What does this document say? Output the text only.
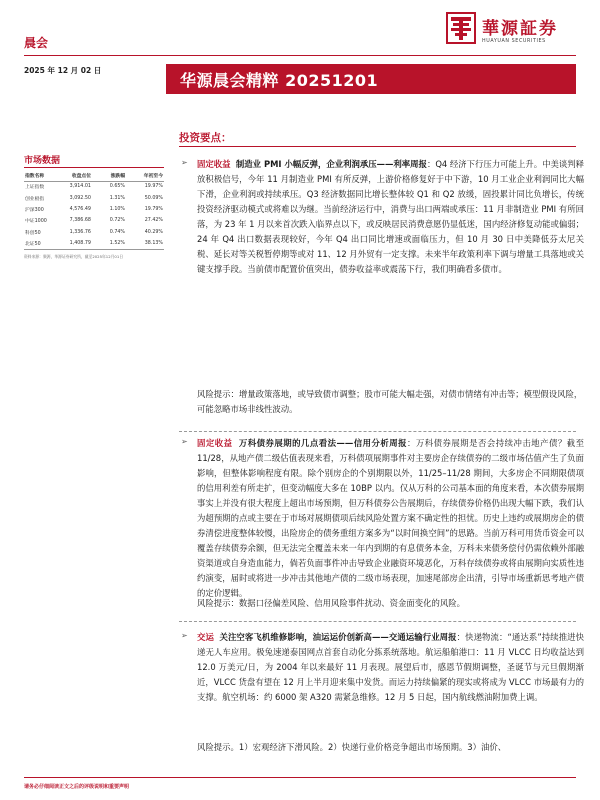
晨会
2025 年 12 月 02 日
華源証券
HUAYUAN SECURITIES
华源晨会精粹 20251201
市场数据
指数名称	收盘点位	涨跌幅	年初至今
上证指数	3,914.01	0.65%	19.97%
创业板指	3,092.50	1.31%	50.09%
沪深300	4,576.49	1.10%	19.79%
中证1000	7,386.68	0.72%	27.42%
科创50	1,336.76	0.74%	40.29%
北证50	1,408.79	1.52%	38.13%
资料来源：聚源，华源证券研究所，截至2025年12月01日
投资要点：
➢ 固定收益 制造业 PMI 小幅反弹，企业利润承压——利率周报：Q4 经济下行压力可能上升。中美谈判释放积极信号，今年 11 月制造业 PMI 有所反弹，上游价格修复好于中下游，10 月工业企业利润同比大幅下滑，企业利润或持续承压。Q3 经济数据同比增长整体较 Q1 和 Q2 放缓，固投累计同比负增长，传统投资经济驱动模式或将难以为继。当前经济运行中，消费与出口两端或承压：11 月非制造业 PMI 有所回落，为 23 年 1 月以来首次跌入临界点以下，或反映居民消费意愿仍显低迷，国内经济修复动能或偏弱；24 年 Q4 出口数据表现较好，今年 Q4 出口同比增速或面临压力，但 10 月 30 日中美降低芬太尼关税、延长对等关税暂停期等或对 11、12 月外贸有一定支撑。未来半年政策利率下调与增量工具落地或关键支撑手段。当前债市配置价值突出，债券收益率或震荡下行，我们明确看多债市。
风险提示：增量政策落地，或导致债市调整；股市可能大幅走强，对债市情绪有冲击等；模型假设风险，可能忽略市场非线性波动。
➢ 固定收益 万科债券展期的几点看法——信用分析周报：万科债券展期是否会持续冲击地产债？截至 11/28，从地产债二级估值表现来看，万科债项展期事件对主要房企存续债券的二级市场估值产生了负面影响，但整体影响程度有限。除个别房企的个别期限以外，11/25–11/28 期间，大多房企不同期限债项的信用利差有所走扩，但变动幅度大多在 10BP 以内。仅从万科的公司基本面的角度来看，本次债券展期事实上并没有很大程度上超出市场预期，但万科债券公告展期后，存续债券价格仍出现大幅下跌，我们认为超预期的点或主要在于市场对展期债项后续风险处置方案不确定性的担忧。历史上违约或展期房企的债券清偿进度整体较慢，出险房企的债务重组方案多为“以时间换空间”的思路。当前万科可用货币资金可以覆盖存续债券余额，但无法完全覆盖未来一年内到期的有息债务本金，万科未来债务偿付仍需依赖外部融资渠道或自身造血能力，倘若负面事件冲击导致企业融资环境恶化，万科存续债券或将由展期向实质性违约演变，届时或将进一步冲击其他地产债的二级市场表现，加速尾部房企出清，引导市场重新思考地产债的定价逻辑。
风险提示：数据口径偏差风险、信用风险事件扰动、资金面变化的风险。
➢ 交运 关注空客飞机维修影响，油运运价创新高——交通运输行业周报：快递物流：“通达系”持续推进快递无人车应用。极兔速递泰国网点首套自动化分拣系统落地。航运船舶港口：11 月 VLCC 日均收益达到 12.0 万美元/日，为 2004 年以来最好 11 月表现。展望后市，感恩节假期调整，圣诞节与元旦假期渐近，VLCC 货盘有望在 12 月上半月迎来集中发货。而运力持续偏紧的现实或将成为 VLCC 市场最有力的支撑。航空机场：约 6000 架 A320 需紧急维修。12 月 5 日起，国内航线燃油附加费上调。
风险提示。1）宏观经济下滑风险。2）快递行业价格竞争超出市场预期。3）油价、
请务必仔细阅读正文之后的评级说明和重要声明
